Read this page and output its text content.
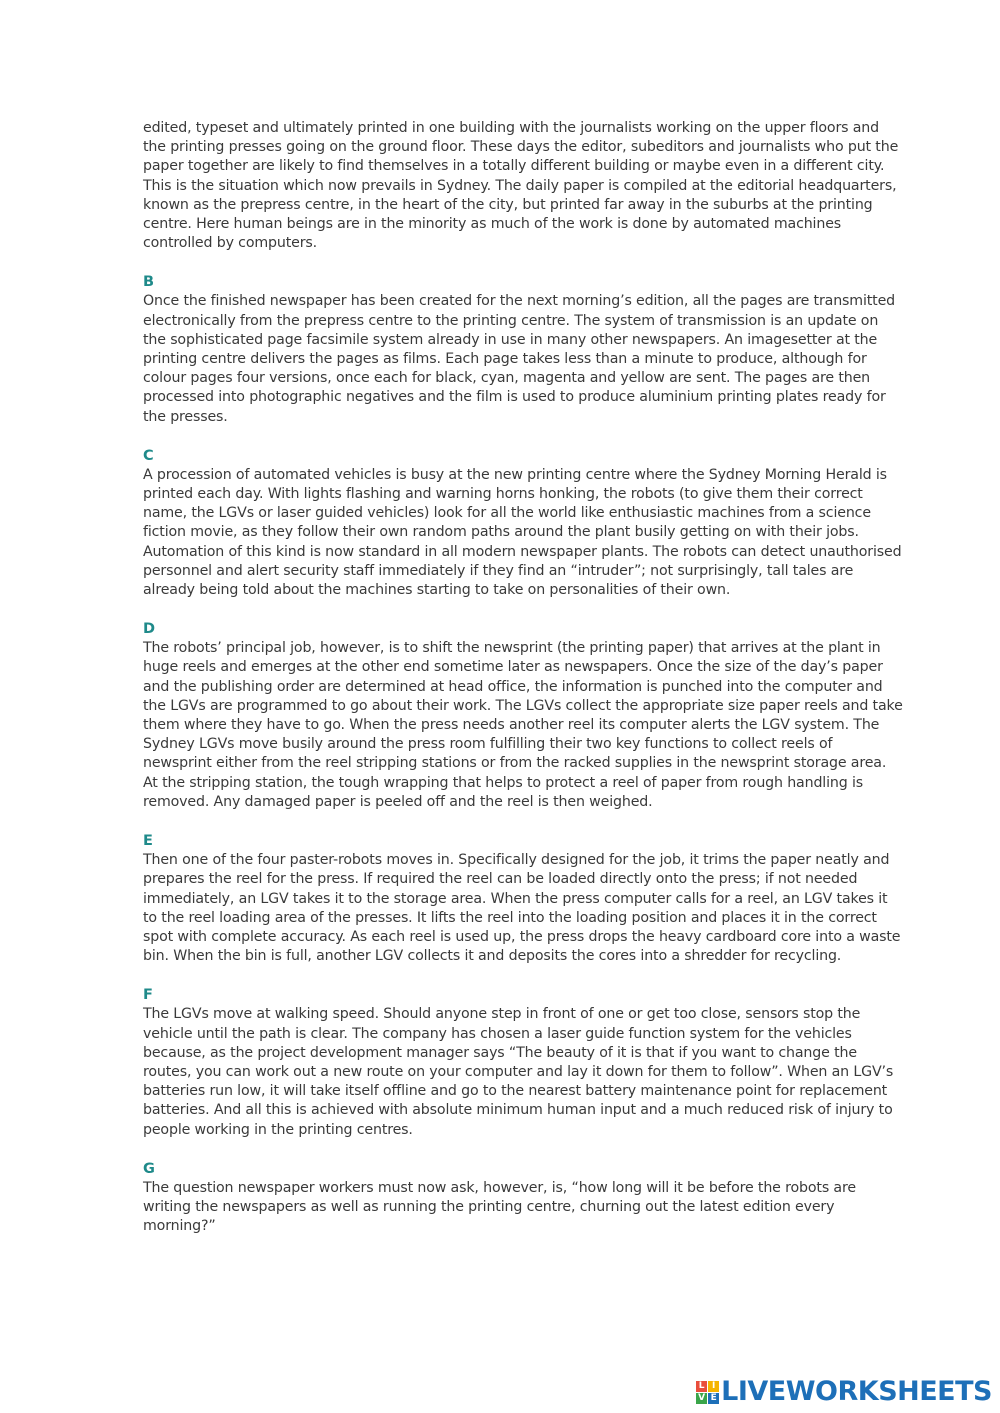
edited, typeset and ultimately printed in one building with the journalists working on the upper floors and the printing presses going on the ground floor. These days the editor, subeditors and journalists who put the paper together are likely to find themselves in a totally different building or maybe even in a different city. This is the situation which now prevails in Sydney. The daily paper is compiled at the editorial headquarters, known as the prepress centre, in the heart of the city, but printed far away in the suburbs at the printing centre. Here human beings are in the minority as much of the work is done by automated machines controlled by computers.

B

Once the finished newspaper has been created for the next morning’s edition, all the pages are transmitted electronically from the prepress centre to the printing centre. The system of transmission is an update on the sophisticated page facsimile system already in use in many other newspapers. An imagesetter at the printing centre delivers the pages as films. Each page takes less than a minute to produce, although for colour pages four versions, once each for black, cyan, magenta and yellow are sent. The pages are then processed into photographic negatives and the film is used to produce aluminium printing plates ready for the presses.

C

A procession of automated vehicles is busy at the new printing centre where the Sydney Morning Herald is printed each day. With lights flashing and warning horns honking, the robots (to give them their correct name, the LGVs or laser guided vehicles) look for all the world like enthusiastic machines from a science fiction movie, as they follow their own random paths around the plant busily getting on with their jobs. Automation of this kind is now standard in all modern newspaper plants. The robots can detect unauthorised personnel and alert security staff immediately if they find an “intruder”; not surprisingly, tall tales are already being told about the machines starting to take on personalities of their own.

D

The robots’ principal job, however, is to shift the newsprint (the printing paper) that arrives at the plant in huge reels and emerges at the other end sometime later as newspapers. Once the size of the day’s paper and the publishing order are determined at head office, the information is punched into the computer and the LGVs are programmed to go about their work. The LGVs collect the appropriate size paper reels and take them where they have to go. When the press needs another reel its computer alerts the LGV system. The Sydney LGVs move busily around the press room fulfilling their two key functions to collect reels of newsprint either from the reel stripping stations or from the racked supplies in the newsprint storage area. At the stripping station, the tough wrapping that helps to protect a reel of paper from rough handling is removed. Any damaged paper is peeled off and the reel is then weighed.

E

Then one of the four paster-robots moves in. Specifically designed for the job, it trims the paper neatly and prepares the reel for the press. If required the reel can be loaded directly onto the press; if not needed immediately, an LGV takes it to the storage area. When the press computer calls for a reel, an LGV takes it to the reel loading area of the presses. It lifts the reel into the loading position and places it in the correct spot with complete accuracy. As each reel is used up, the press drops the heavy cardboard core into a waste bin. When the bin is full, another LGV collects it and deposits the cores into a shredder for recycling.

F

The LGVs move at walking speed. Should anyone step in front of one or get too close, sensors stop the vehicle until the path is clear. The company has chosen a laser guide function system for the vehicles because, as the project development manager says “The beauty of it is that if you want to change the routes, you can work out a new route on your computer and lay it down for them to follow”. When an LGV’s batteries run low, it will take itself offline and go to the nearest battery maintenance point for replacement batteries. And all this is achieved with absolute minimum human input and a much reduced risk of injury to people working in the printing centres.

G

The question newspaper workers must now ask, however, is, “how long will it be before the robots are writing the newspapers as well as running the printing centre, churning out the latest edition every morning?”

L I
V E LIVEWORKSHEETS
